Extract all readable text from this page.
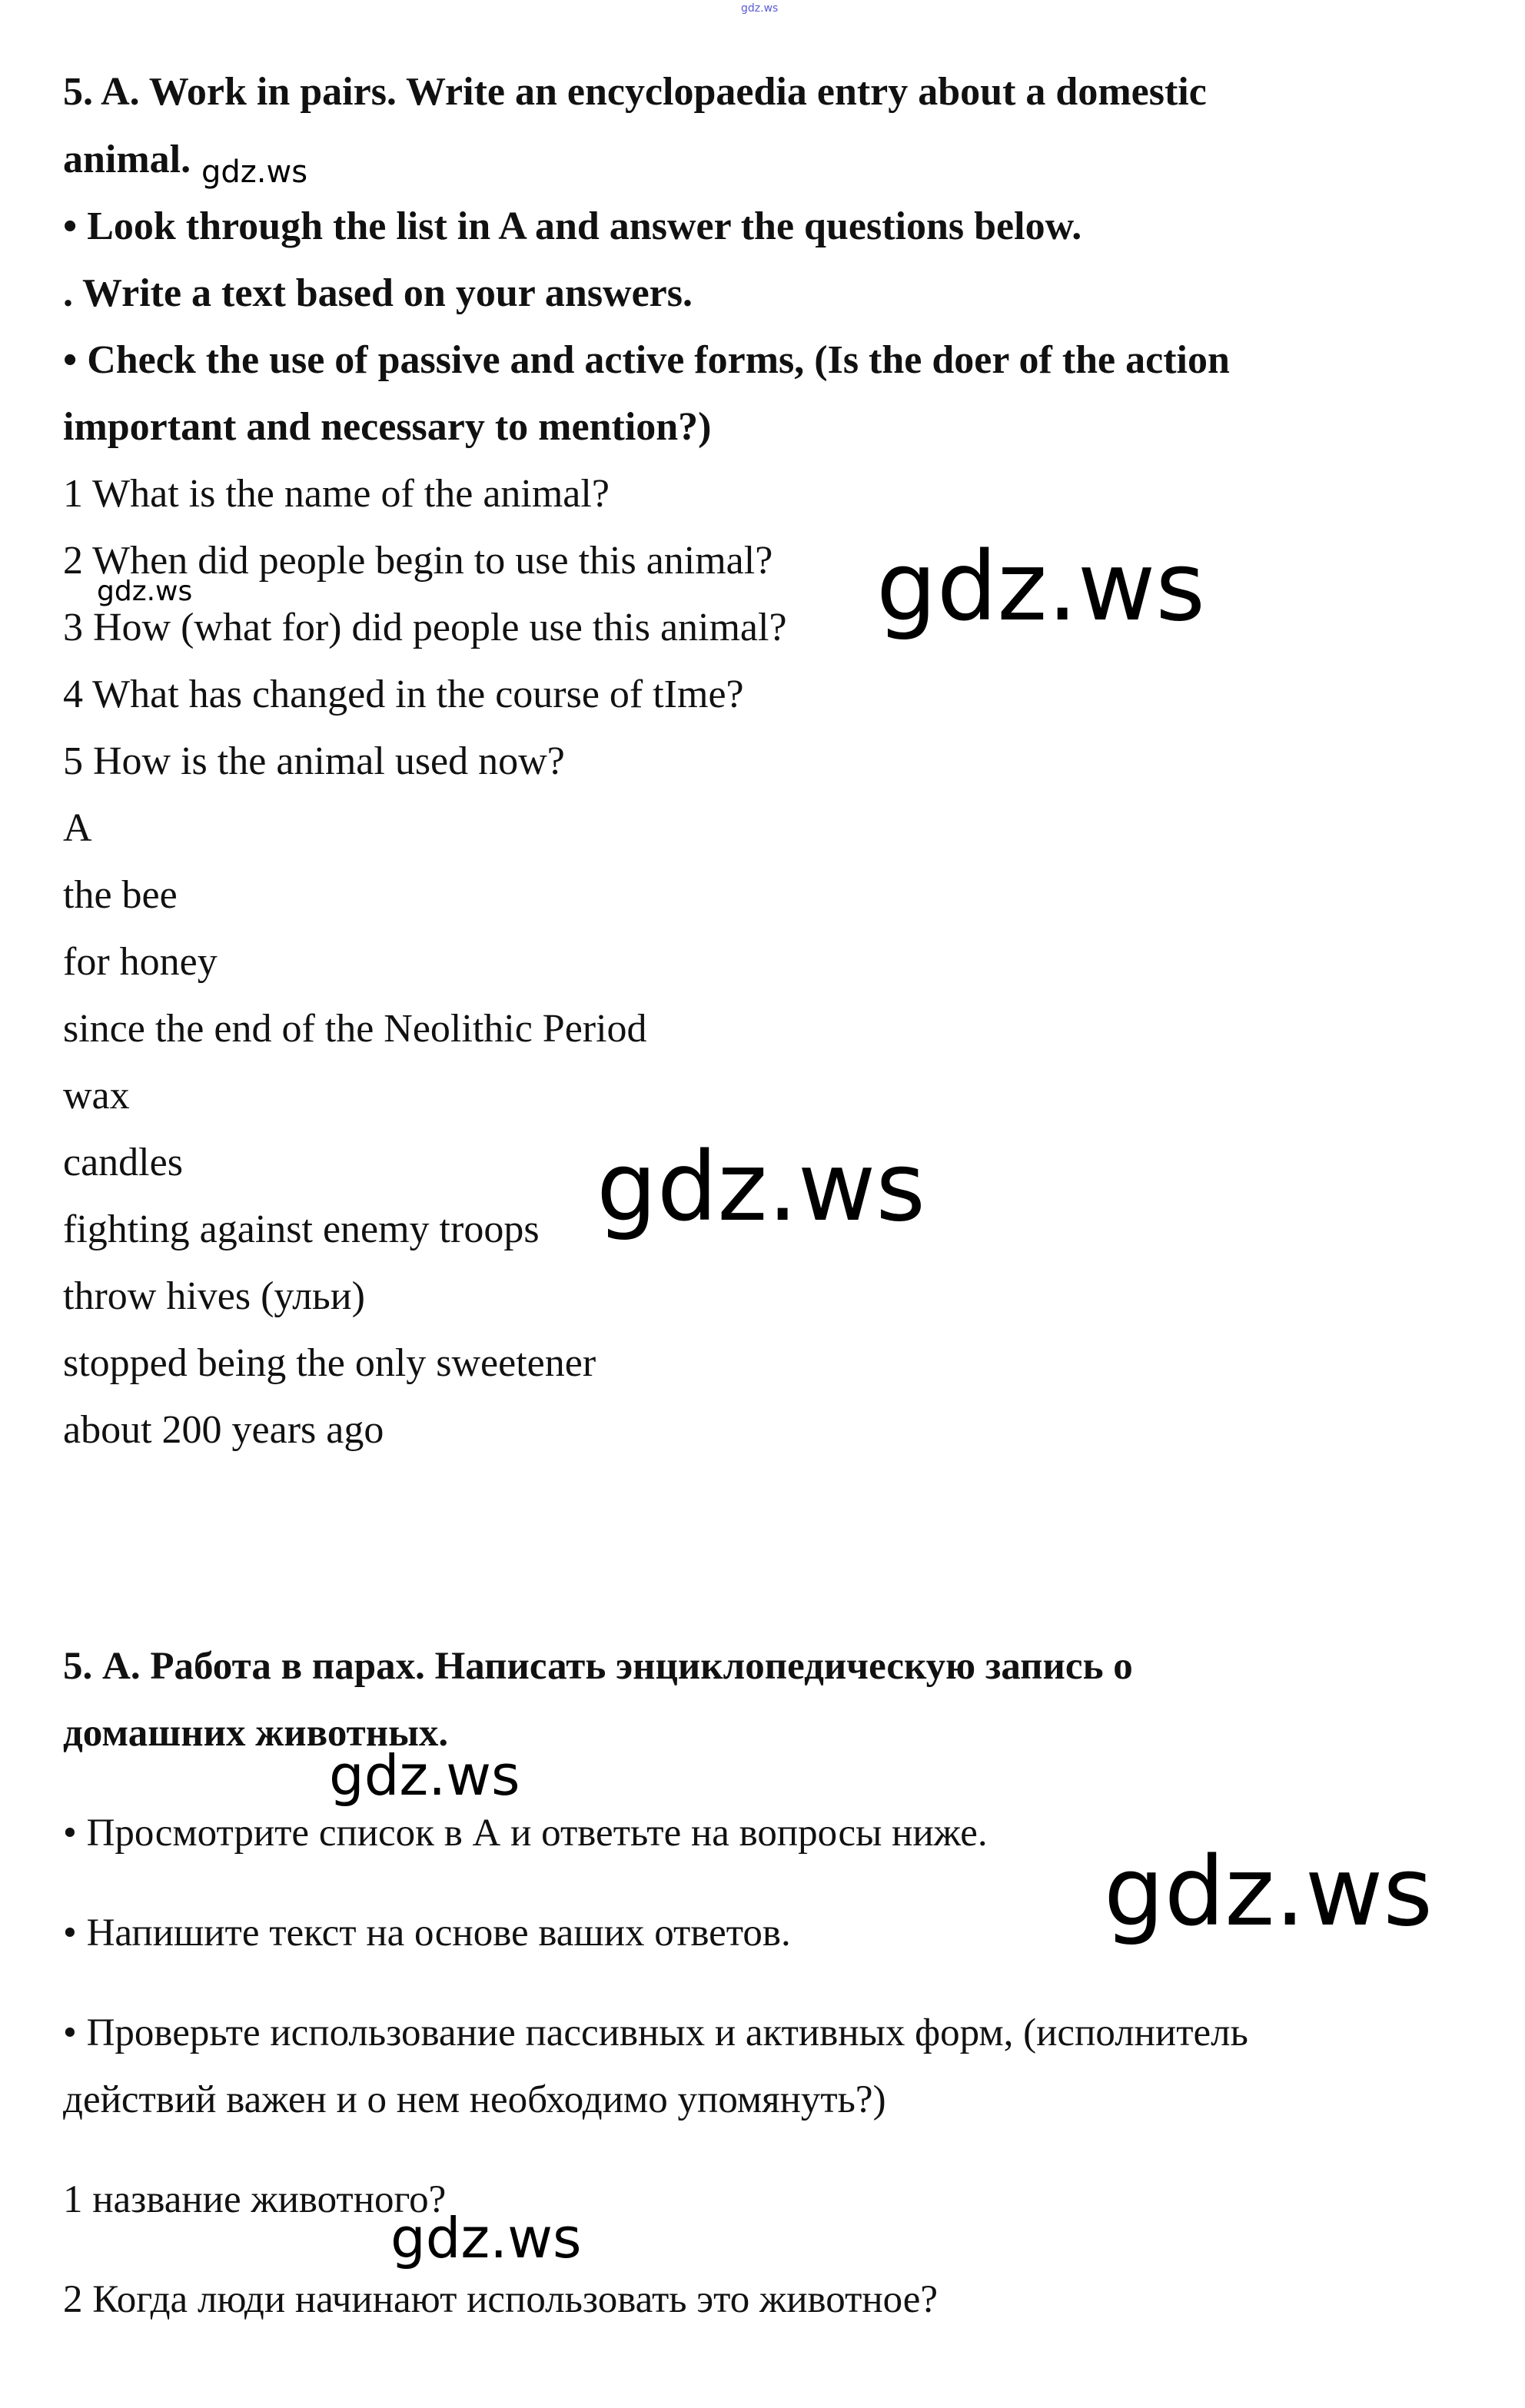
5. A. Work in pairs. Write an encyclopaedia entry about a domestic
animal.
• Look through the list in A and answer the questions below.
. Write a text based on your answers.
• Check the use of passive and active forms, (Is the doer of the action
important and necessary to mention?)
1 What is the name of the animal?
2 When did people begin to use this animal?
3 How (what for) did people use this animal?
4 What has changed in the course of tIme?
5 How is the animal used now?
A
the bee
for honey
since the end of the Neolithic Period
wax
candles
fighting against enemy troops
throw hives (ульи)
stopped being the only sweetener
about 200 years ago
5. А. Работа в парах. Написать энциклопедическую запись о
домашних животных.
• Просмотрите список в А и ответьте на вопросы ниже.
• Напишите текст на основе ваших ответов.
• Проверьте использование пассивных и активных форм, (исполнитель
действий важен и о нем необходимо упомянуть?)
1 название животного?
2 Когда люди начинают использовать это животное?
gdz.ws
gdz.ws
gdz.ws	gdz.ws
gdz.ws
gdz.ws
gdz.ws
gdz.ws
